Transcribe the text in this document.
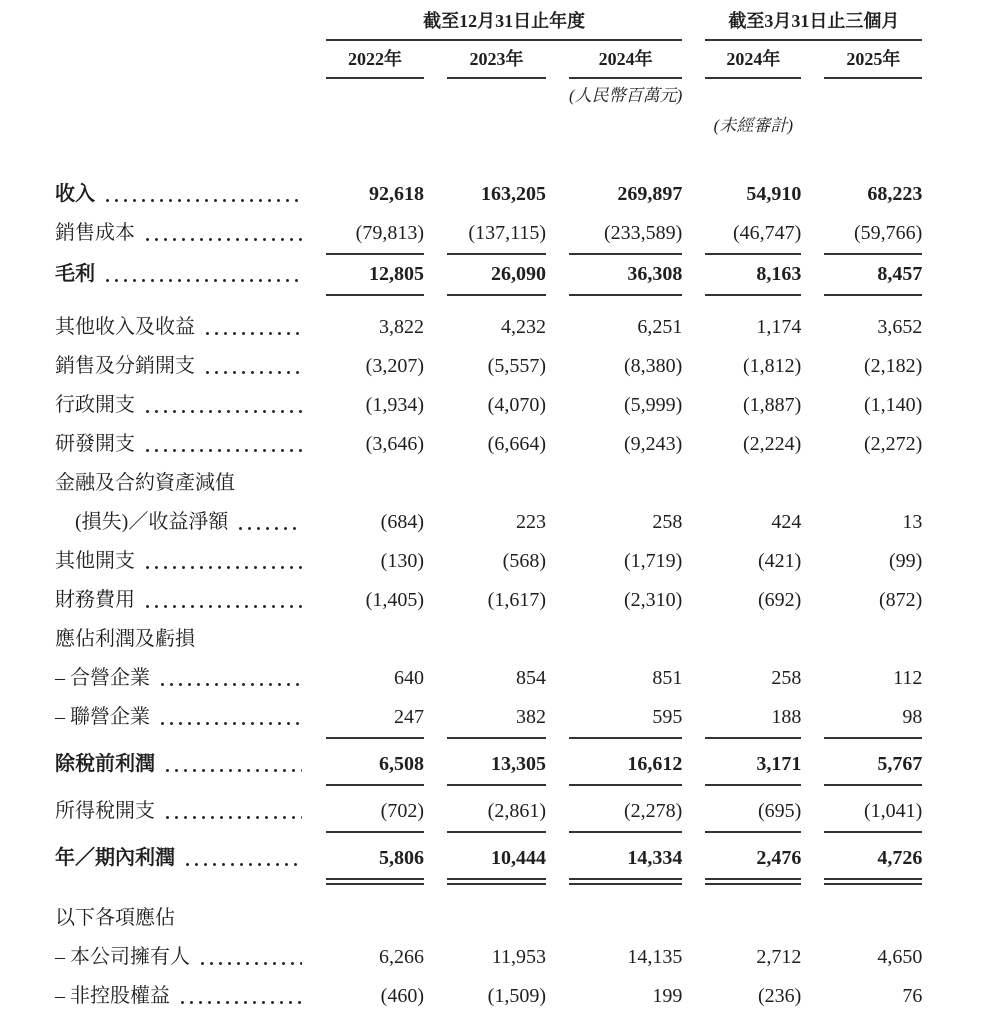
	截至12月31日止年度			截至3月31日止三個月	
	2022年	2023年	2024年	2024年	2025年
			(人民幣百萬元)		
				(未經審計)	

收入	92,618	163,205	269,897	54,910	68,223

銷售成本	(79,813)	(137,115)	(233,589)	(46,747)	(59,766)

毛利	12,805	26,090	36,308	8,163	8,457

其他收入及收益	3,822	4,232	6,251	1,174	3,652

銷售及分銷開支	(3,207)	(5,557)	(8,380)	(1,812)	(2,182)

行政開支	(1,934)	(4,070)	(5,999)	(1,887)	(1,140)

研發開支	(3,646)	(6,664)	(9,243)	(2,224)	(2,272)
金融及合約資產減值					

(損失)／收益淨額	(684)	223	258	424	13

其他開支	(130)	(568)	(1,719)	(421)	(99)

財務費用	(1,405)	(1,617)	(2,310)	(692)	(872)
應佔利潤及虧損					

– 合營企業	640	854	851	258	112

– 聯營企業	247	382	595	188	98

除稅前利潤	6,508	13,305	16,612	3,171	5,767

所得稅開支	(702)	(2,861)	(2,278)	(695)	(1,041)

年／期內利潤	5,806	10,444	14,334	2,476	4,726
以下各項應佔					

– 本公司擁有人	6,266	11,953	14,135	2,712	4,650

– 非控股權益	(460)	(1,509)	199	(236)	76
